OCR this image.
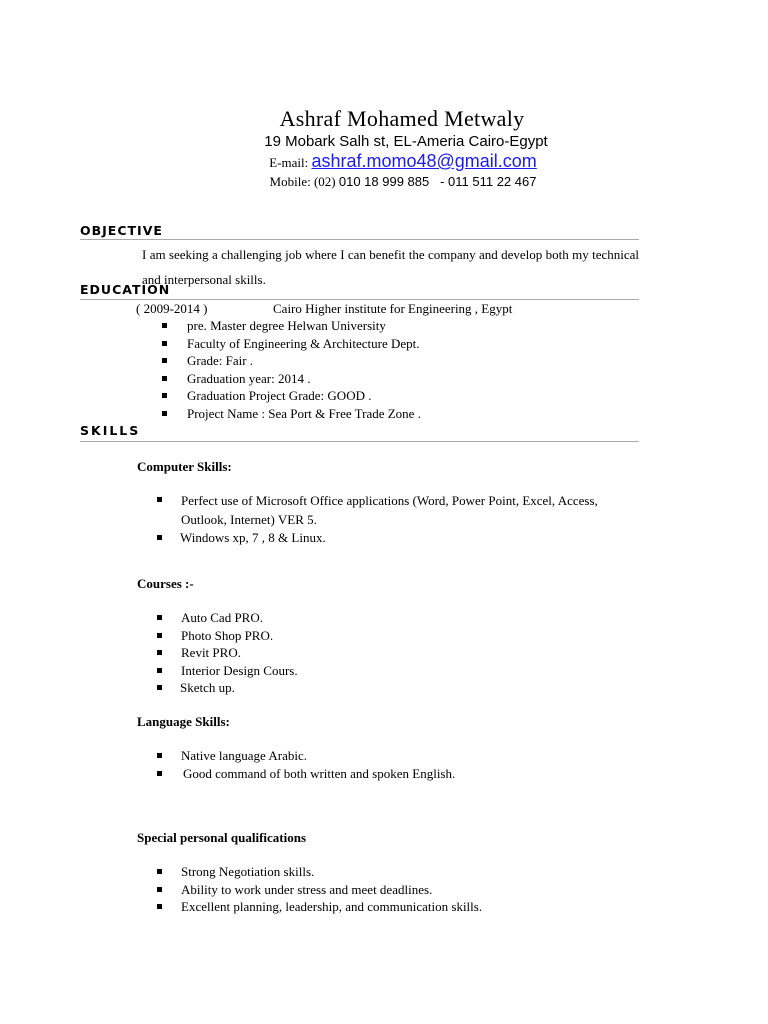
Ashraf Mohamed Metwaly
19 Mobark Salh st, EL-Ameria Cairo-Egypt
E-mail: ashraf.momo48@gmail.com
Mobile: (02) 010 18 999 885   - 011 511 22 467
OBJECTIVE
I am seeking a challenging job where I can benefit the company and develop both my technical and interpersonal skills.
EDUCATION
( 2009-2014 )	Cairo Higher institute for Engineering , Egypt
pre. Master degree Helwan University
Faculty of Engineering & Architecture Dept.
Grade: Fair .
Graduation year: 2014 .
Graduation Project Grade: GOOD .
Project Name : Sea Port & Free Trade Zone .
SKILLS
Computer Skills:
Perfect use of Microsoft Office applications (Word, Power Point, Excel, Access, Outlook, Internet) VER 5.
Windows xp, 7 , 8 & Linux.
Courses :-
Auto Cad PRO.
Photo Shop PRO.
Revit PRO.
Interior Design Cours.
Sketch up.
Language Skills:
Native language Arabic.
Good command of both written and spoken English.
Special personal qualifications
Strong Negotiation skills.
Ability to work under stress and meet deadlines.
Excellent planning, leadership, and communication skills.
